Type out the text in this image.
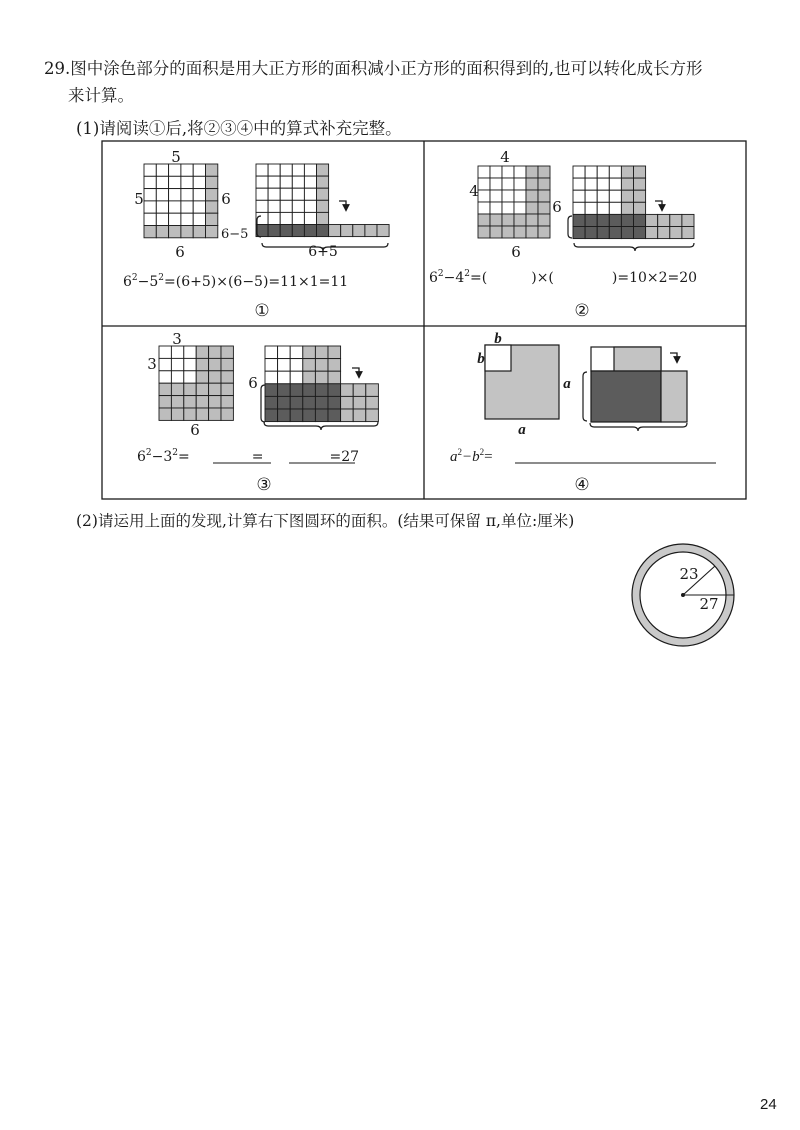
29.图中涂色部分的面积是用大正方形的面积减小正方形的面积得到的,也可以转化成长方形
来计算。
(1)请阅读①后,将②③④中的算式补充完整。
(2)请运用上面的发现,计算右下图圆环的面积。(结果可保留 π,单位:厘米)
5
5	6
6
6−5
6+5
$6^2-5^2=(6+5)\times(6-5)=11\times 1=11$
①
4
4
6
6
$6^2-4^2=$(	)×(	)=10×2=20
②
3
3
6
6
$6^2-3^2=$	=	=27
③
b
b
a
a
$a^2-b^2=$
④
23
27
24
